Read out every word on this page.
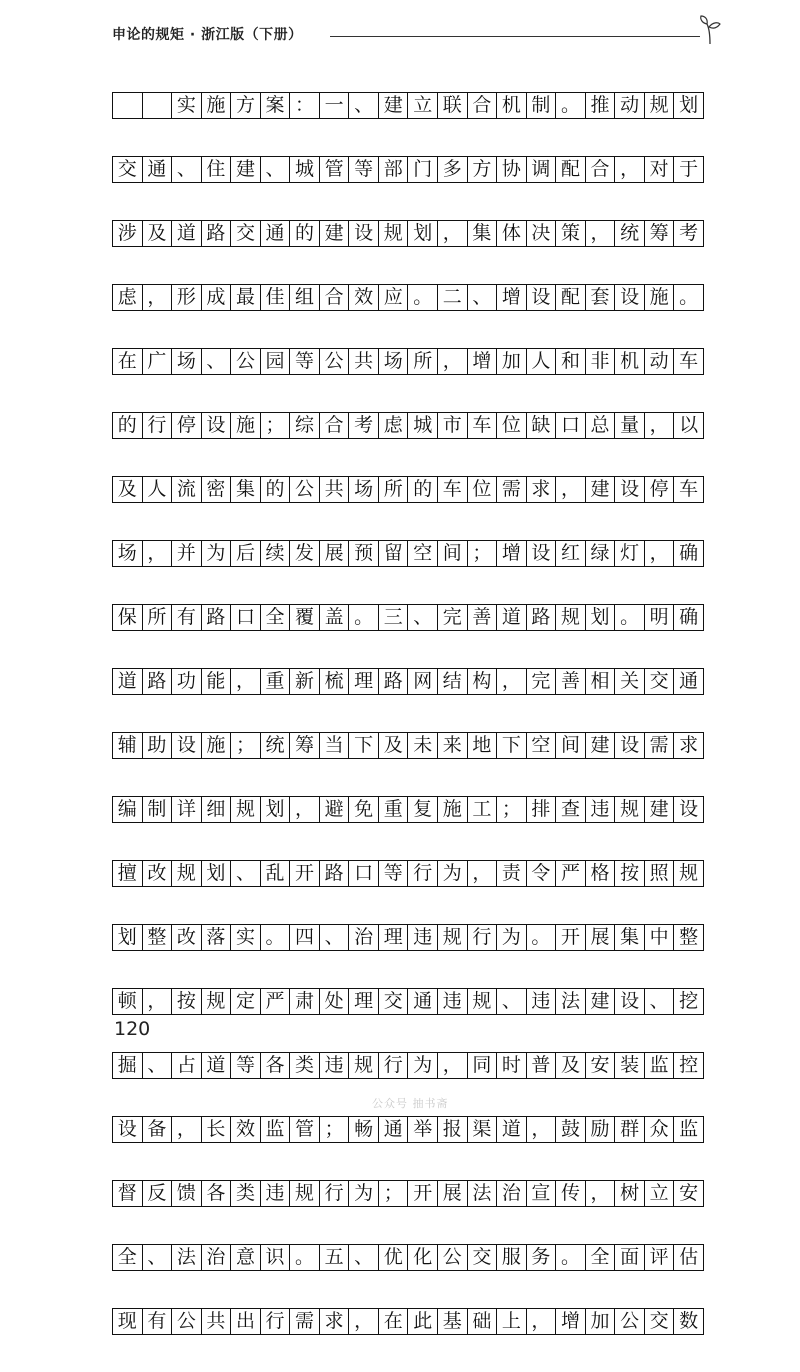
申论的规矩 · 浙江版（下册）
实 施 方 案 ： 一 、 建 立 联 合 机 制 。 推 动 规 划
交 通 、 住 建 、 城 管 等 部 门 多 方 协 调 配 合 ， 对 于
涉 及 道 路 交 通 的 建 设 规 划 ， 集 体 决 策 ， 统 筹 考
虑 ， 形 成 最 佳 组 合 效 应 。 二 、 增 设 配 套 设 施 。
在 广 场 、 公 园 等 公 共 场 所 ， 增 加 人 和 非 机 动 车
的 行 停 设 施 ； 综 合 考 虑 城 市 车 位 缺 口 总 量 ， 以
及 人 流 密 集 的 公 共 场 所 的 车 位 需 求 ， 建 设 停 车
场 ， 并 为 后 续 发 展 预 留 空 间 ； 增 设 红 绿 灯 ， 确
保 所 有 路 口 全 覆 盖 。 三 、 完 善 道 路 规 划 。 明 确
道 路 功 能 ， 重 新 梳 理 路 网 结 构 ， 完 善 相 关 交 通
辅 助 设 施 ； 统 筹 当 下 及 未 来 地 下 空 间 建 设 需 求
编 制 详 细 规 划 ， 避 免 重 复 施 工 ； 排 查 违 规 建 设
擅 改 规 划 、 乱 开 路 口 等 行 为 ， 责 令 严 格 按 照 规
划 整 改 落 实 。 四 、 治 理 违 规 行 为 。 开 展 集 中 整
顿 ， 按 规 定 严 肃 处 理 交 通 违 规 、 违 法 建 设 、 挖
掘 、 占 道 等 各 类 违 规 行 为 ， 同 时 普 及 安 装 监 控
设 备 ， 长 效 监 管 ； 畅 通 举 报 渠 道 ， 鼓 励 群 众 监
督 反 馈 各 类 违 规 行 为 ； 开 展 法 治 宣 传 ， 树 立 安
全 、 法 治 意 识 。 五 、 优 化 公 交 服 务 。 全 面 评 估
现 有 公 共 出 行 需 求 ， 在 此 基 础 上 ， 增 加 公 交 数
120
公众号 抽书斋
